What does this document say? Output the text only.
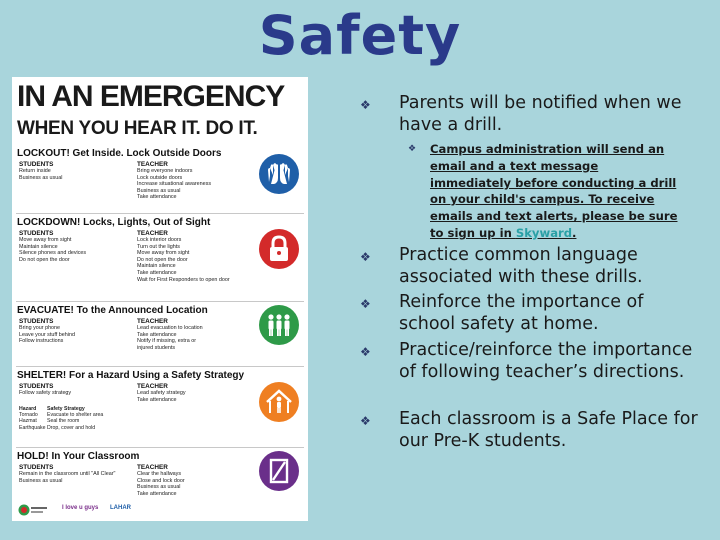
Safety
IN AN EMERGENCY
WHEN YOU HEAR IT. DO IT.
LOCKOUT! Get Inside. Lock Outside Doors
STUDENTS
Return inside
Business as usual
TEACHER
Bring everyone indoors
Lock outside doors
Increase situational awareness
Business as usual
Take attendance
LOCKDOWN! Locks, Lights, Out of Sight
STUDENTS
Move away from sight
Maintain silence
Silence phones and devices
Do not open the door
TEACHER
Lock interior doors
Turn out the lights
Move away from sight
Do not open the door
Maintain silence
Take attendance
Wait for First Responders to open door
EVACUATE! To the Announced Location
STUDENTS
Bring your phone
Leave your stuff behind
Follow instructions
TEACHER
Lead evacuation to location
Take attendance
Notify if missing, extra or
injured students
SHELTER! For a Hazard Using a Safety Strategy
STUDENTS
Follow safety strategy
TEACHER
Lead safety strategy
Take attendance
Hazard Safety Strategy
Tornado Evacuate to shelter area
Hazmat Seal the room
EarthquakeDrop, cover and hold
HOLD! In Your Classroom
STUDENTS
Remain in the classroom until "All Clear"
Business as usual
TEACHER
Clear the hallways
Close and lock door
Business as usual
Take attendance
I love u guys LAHAR
❖ Parents will be notified when we have a drill.
❖ Campus administration will send an email and a text message immediately before conducting a drill on your child's campus. To receive emails and text alerts, please be sure to sign up in Skyward.
❖ Practice common language associated with these drills.
❖ Reinforce the importance of school safety at home.
❖ Practice/reinforce the importance of following teacher’s directions.
❖ Each classroom is a Safe Place for our Pre-K students.
